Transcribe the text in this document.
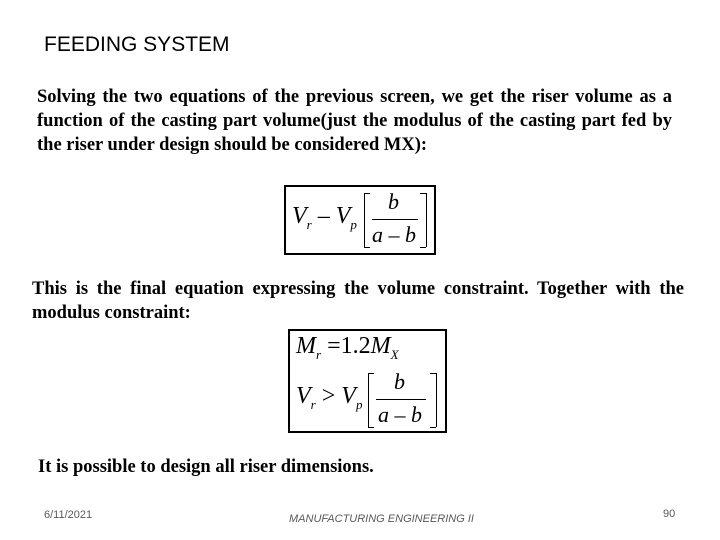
FEEDING SYSTEM

Solving the two equations of the previous screen, we get the riser volume as a function of the casting part volume(just the modulus of the casting part fed by the riser under design should be considered MX):

$V_r - V_p$
b
a – b

This is the final equation expressing the volume constraint. Together with the modulus constraint:

$M_r =1.2M_X$
$V_r > V_p$
b
a – b

It is possible to design all riser dimensions.

6/11/2021	MANUFACTURING ENGINEERING II	90
